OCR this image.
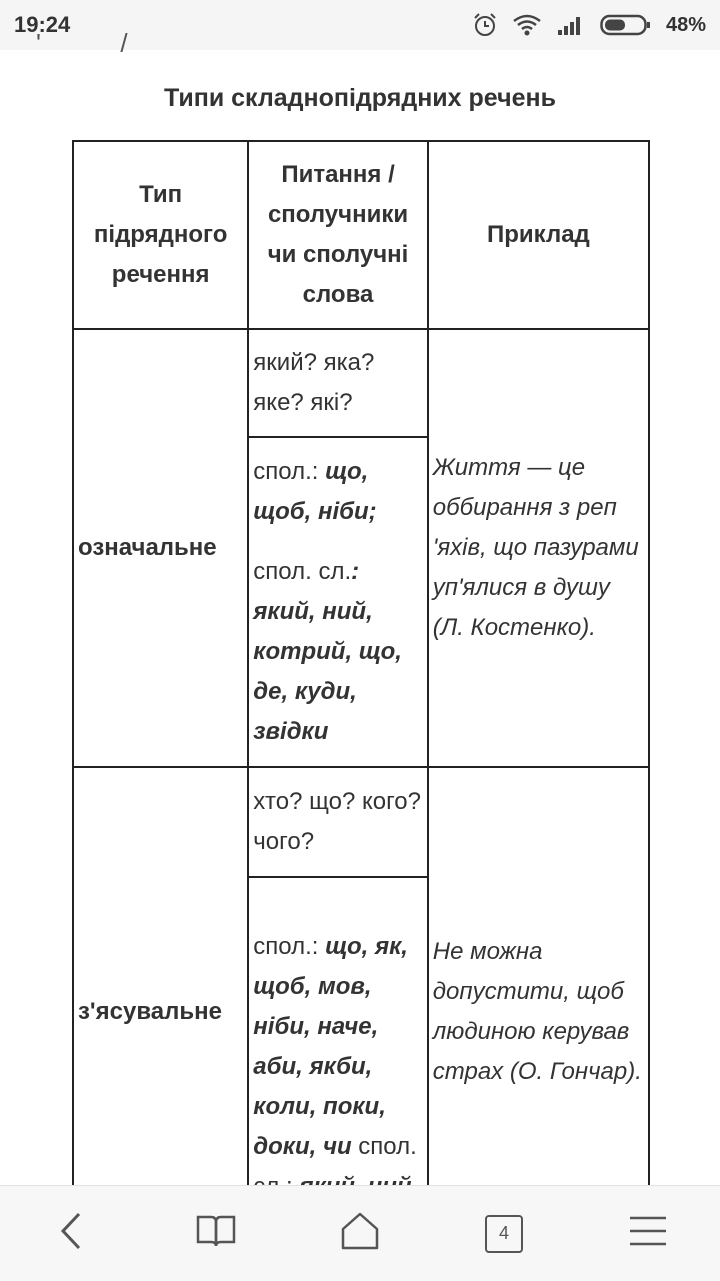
19:24	48%
'           /
Типи складнопідрядних речень
Тип підрядного речення	Питання / сполучники чи сполучні слова	Приклад
означальне	який? яка? яке? які?	Життя — це оббирання з реп 'яхів, що пазурами уп'ялися в душу (Л. Костенко).

	спол.: що, щоб, ніби;
спол. сл.: який, ний, котрий, що, де, куди, звідки	

з'ясувальне	хто? що? кого? чого?	Не можна допустити, щоб людиною керував страх (О. Гончар).
	спол.: що, як, щоб, мов, ніби, наче, аби, якби, коли, поки, доки, чи спол.	
4
